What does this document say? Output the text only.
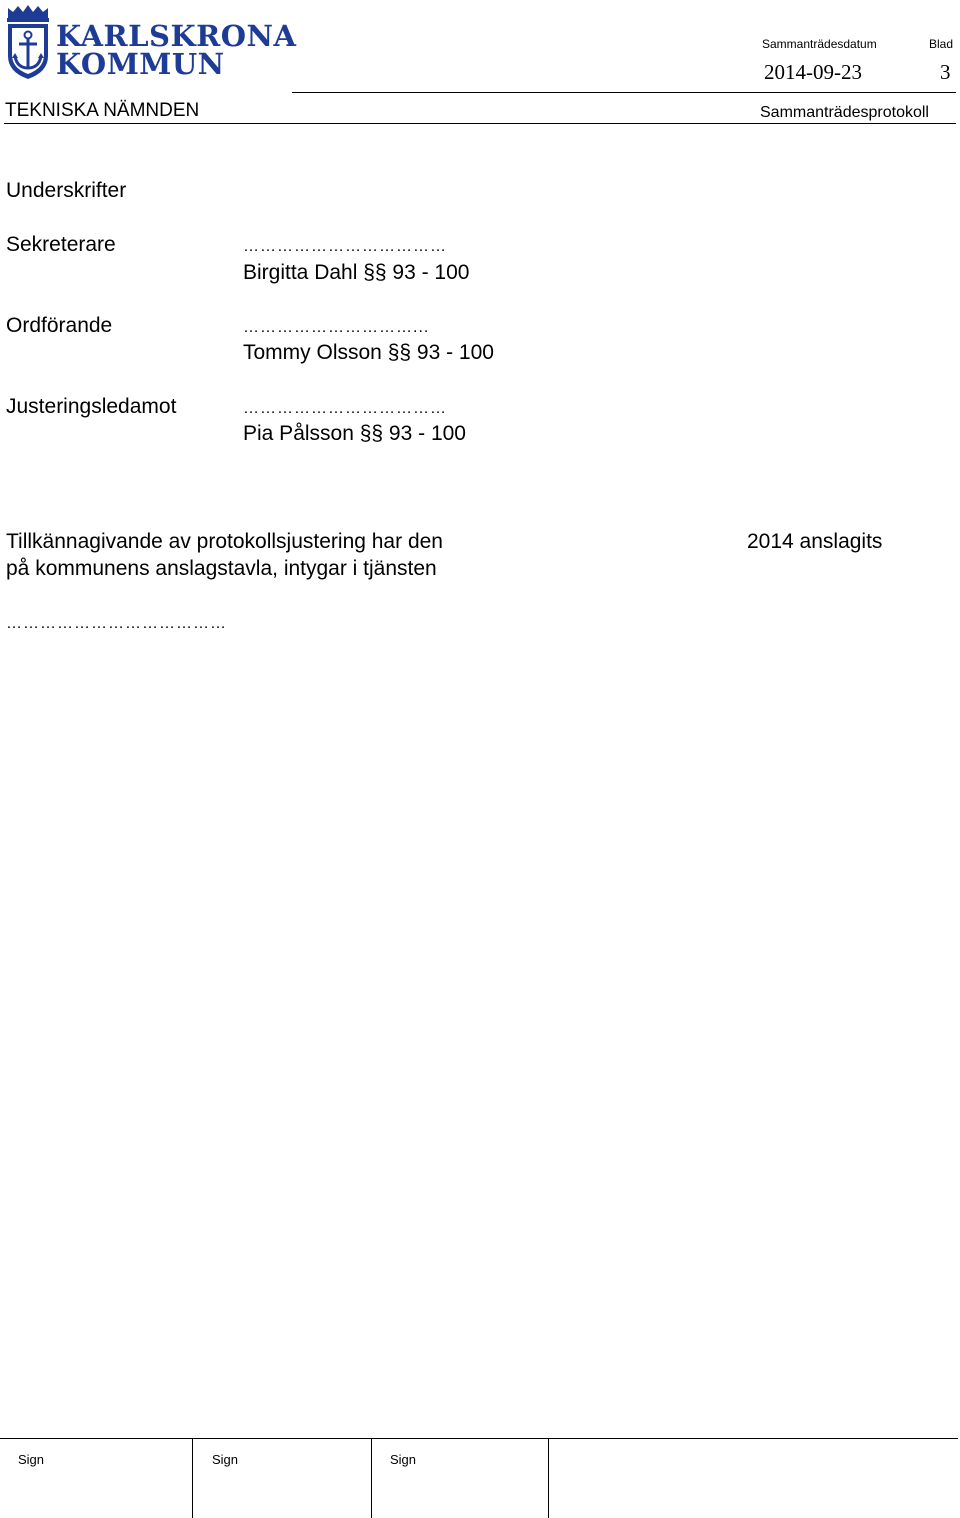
KARLSKRONA
KOMMUN
Sammanträdesdatum	Blad
2014-09-23	3
TEKNISKA NÄMNDEN	Sammanträdesprotokoll
Underskrifter
Sekreterare	………………………………
Birgitta Dahl §§ 93 - 100
Ordförande	…………………………...
Tommy Olsson §§ 93 - 100
Justeringsledamot	………………………………
Pia Pålsson §§ 93 - 100
Tillkännagivande av protokollsjustering har den	2014 anslagits
på kommunens anslagstavla, intygar i tjänsten
…………………………………
Sign	Sign	Sign
